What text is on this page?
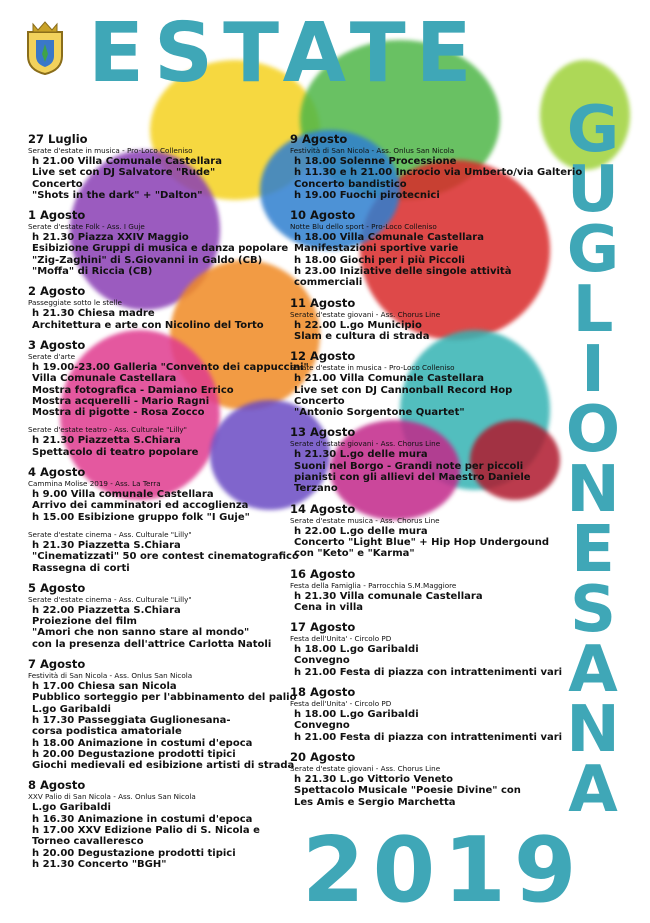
ESTATE
G
U
G
L
I
O
N
E
S
A
N
A
2019
27 Luglio
Serate d'estate in musica - Pro-Loco Colleniso
h 21.00 Villa Comunale Castellara
Live set con DJ Salvatore "Rude"
Concerto
"Shots in the dark" + "Dalton"
1 Agosto
Serate d'estate Folk - Ass. I Guje
h 21.30 Piazza XXIV Maggio
Esibizione Gruppi di musica e danza popolare
"Zig-Zaghini" di S.Giovanni in Galdo (CB)
"Moffa" di Riccia (CB)
2 Agosto
Passeggiate sotto le stelle
h 21.30 Chiesa madre
Architettura e arte con Nicolino del Torto
3 Agosto
Serate d'arte
h 19.00-23.00 Galleria "Convento dei cappuccini"
Villa Comunale Castellara
Mostra fotografica - Damiano Errico
Mostra acquerelli - Mario Ragni
Mostra di pigotte - Rosa Zocco
Serate d'estate teatro - Ass. Culturale "Lilly"
h 21.30 Piazzetta S.Chiara
Spettacolo di teatro popolare
4 Agosto
Cammina Molise 2019 - Ass. La Terra
h 9.00 Villa comunale Castellara
Arrivo dei camminatori ed accoglienza
h 15.00 Esibizione gruppo folk "I Guje"
Serate d'estate cinema - Ass. Culturale "Lilly"
h 21.30 Piazzetta S.Chiara
"Cinematizzati" 50 ore contest cinematografico
Rassegna di corti
5 Agosto
Serate d'estate cinema - Ass. Culturale "Lilly"
h 22.00 Piazzetta S.Chiara
Proiezione del film
"Amori che non sanno stare al mondo"
con la presenza dell'attrice Carlotta Natoli
7 Agosto
Festività di San Nicola - Ass. Onlus San Nicola
h 17.00 Chiesa san Nicola
Pubblico sorteggio per l'abbinamento del palio
L.go Garibaldi
h 17.30 Passeggiata Guglionesana-
corsa podistica amatoriale
h 18.00 Animazione in costumi d'epoca
h 20.00 Degustazione prodotti tipici
Giochi medievali ed esibizione artisti di strada
8 Agosto
XXV Palio di San Nicola - Ass. Onlus San Nicola
L.go Garibaldi
h 16.30 Animazione in costumi d'epoca
h 17.00 XXV Edizione Palio di S. Nicola e
Torneo cavalleresco
h 20.00 Degustazione prodotti tipici
h 21.30 Concerto "BGH"
9 Agosto
Festività di San Nicola - Ass. Onlus San Nicola
h 18.00 Solenne Processione
h 11.30 e h 21.00 Incrocio via Umberto/via Galterio
Concerto bandistico
h 19.00 Fuochi pirotecnici
10 Agosto
Notte Blu dello sport - Pro-Loco Colleniso
h 18.00 Villa Comunale Castellara
Manifestazioni sportive varie
h 18.00 Giochi per i più Piccoli
h 23.00 Iniziative delle singole attività
commerciali
11 Agosto
Serate d'estate giovani - Ass. Chorus Line
h 22.00 L.go Municipio
Slam e cultura di strada
12 Agosto
Serate d'estate in musica - Pro-Loco Colleniso
h 21.00 Villa Comunale Castellara
Live set con DJ Cannonball Record Hop
Concerto
"Antonio Sorgentone Quartet"
13 Agosto
Serate d'estate giovani - Ass. Chorus Line
h 21.30 L.go delle mura
Suoni nel Borgo - Grandi note per piccoli
pianisti con gli allievi del Maestro Daniele
Terzano
14 Agosto
Serate d'estate musica - Ass. Chorus Line
h 22.00 L.go delle mura
Concerto "Light Blue" + Hip Hop Undergound
con "Keto" e "Karma"
16 Agosto
Festa della Famiglia - Parrocchia S.M.Maggiore
h 21.30 Villa comunale Castellara
Cena in villa
17 Agosto
Festa dell'Unita' - Circolo PD
h 18.00 L.go Garibaldi
Convegno
h 21.00 Festa di piazza con intrattenimenti vari
18 Agosto
Festa dell'Unita' - Circolo PD
h 18.00 L.go Garibaldi
Convegno
h 21.00 Festa di piazza con intrattenimenti vari
20 Agosto
Serate d'estate giovani - Ass. Chorus Line
h 21.30 L.go Vittorio Veneto
Spettacolo Musicale "Poesie Divine" con
Les Amis e Sergio Marchetta
